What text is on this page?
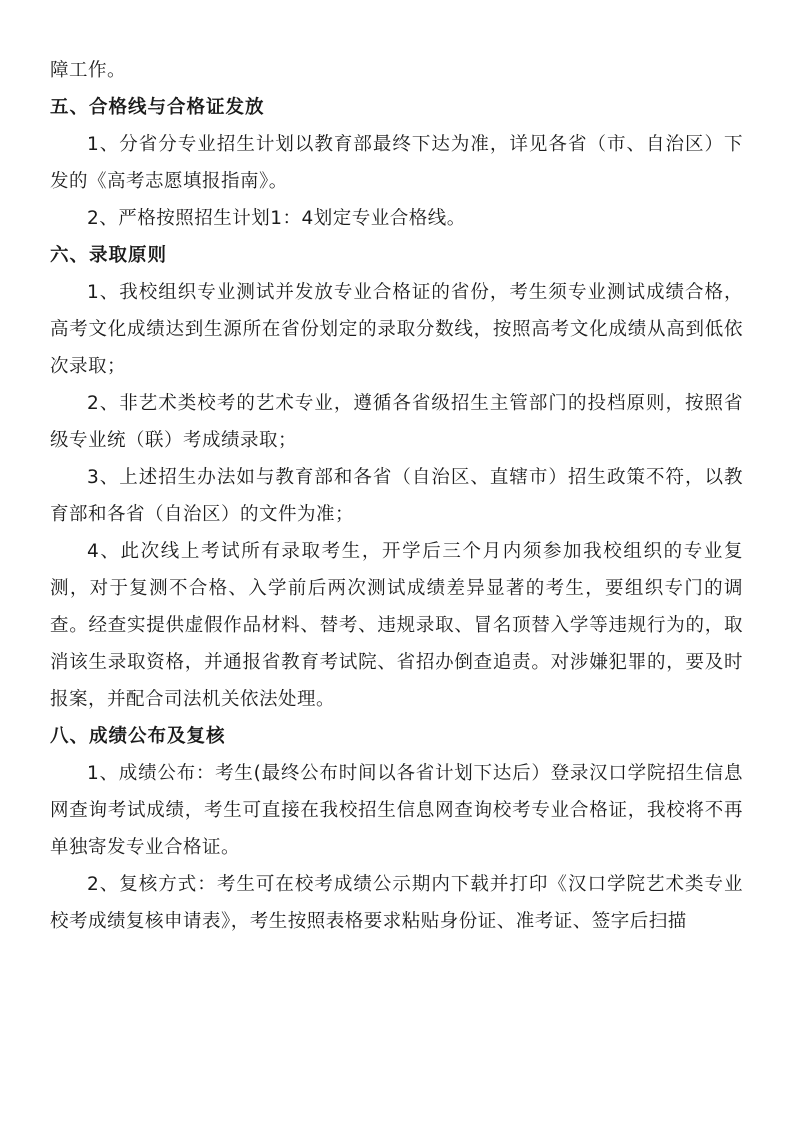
障工作。

五、合格线与合格证发放

1、分省分专业招生计划以教育部最终下达为准，详见各省（市、自治区）下发的《高考志愿填报指南》。

2、严格按照招生计划1：4划定专业合格线。

六、录取原则

1、我校组织专业测试并发放专业合格证的省份，考生须专业测试成绩合格，高考文化成绩达到生源所在省份划定的录取分数线，按照高考文化成绩从高到低依次录取；

2、非艺术类校考的艺术专业，遵循各省级招生主管部门的投档原则，按照省级专业统（联）考成绩录取；

3、上述招生办法如与教育部和各省（自治区、直辖市）招生政策不符，以教育部和各省（自治区）的文件为准；

4、此次线上考试所有录取考生，开学后三个月内须参加我校组织的专业复测，对于复测不合格、入学前后两次测试成绩差异显著的考生，要组织专门的调查。经查实提供虚假作品材料、替考、违规录取、冒名顶替入学等违规行为的，取消该生录取资格，并通报省教育考试院、省招办倒查追责。对涉嫌犯罪的，要及时报案，并配合司法机关依法处理。

八、成绩公布及复核

1、成绩公布：考生(最终公布时间以各省计划下达后）登录汉口学院招生信息网查询考试成绩，考生可直接在我校招生信息网查询校考专业合格证，我校将不再单独寄发专业合格证。

2、复核方式：考生可在校考成绩公示期内下载并打印《汉口学院艺术类专业校考成绩复核申请表》，考生按照表格要求粘贴身份证、准考证、签字后扫描
